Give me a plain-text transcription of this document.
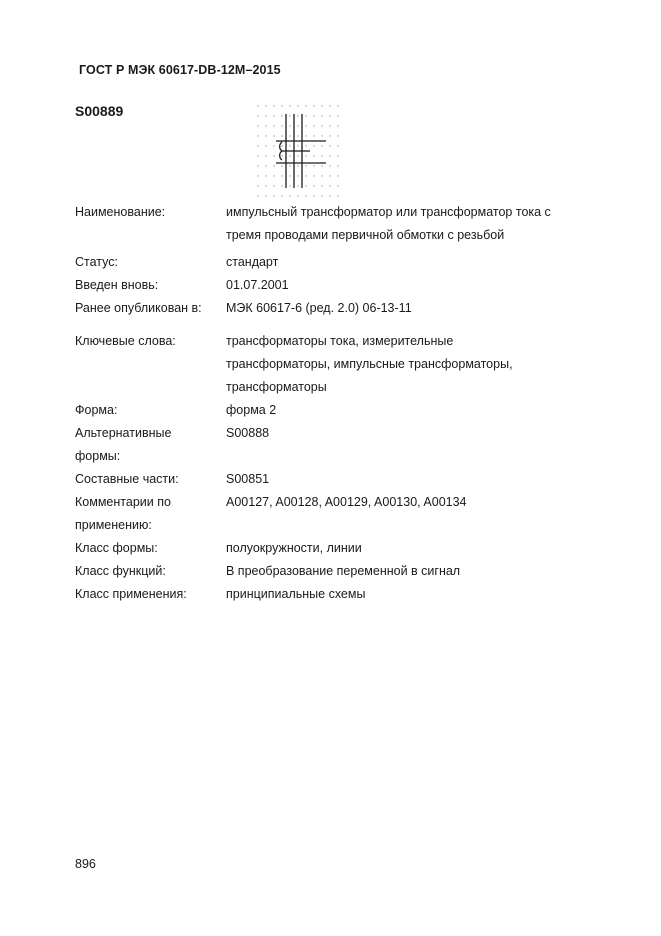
ГОСТ Р МЭК 60617-DB-12M–2015
S00889
Наименование:	импульсный трансформатор или трансформатор тока с
тремя проводами первичной обмотки с резьбой
Статус:	стандарт
Введен вновь:	01.07.2001
Ранее опубликован в: МЭК 60617-6 (ред. 2.0) 06-13-11
Ключевые слова:	трансформаторы тока, измерительные
трансформаторы, импульсные трансформаторы,
трансформаторы
Форма:	форма 2
Альтернативные
формы:
S00888
Составные части:	S00851
Комментарии по
применению:
A00127, A00128, A00129, A00130, A00134
Класс формы:	полуокружности, линии
Класс функций:	В преобразование переменной в сигнал
Класс применения:	принципиальные схемы
896
